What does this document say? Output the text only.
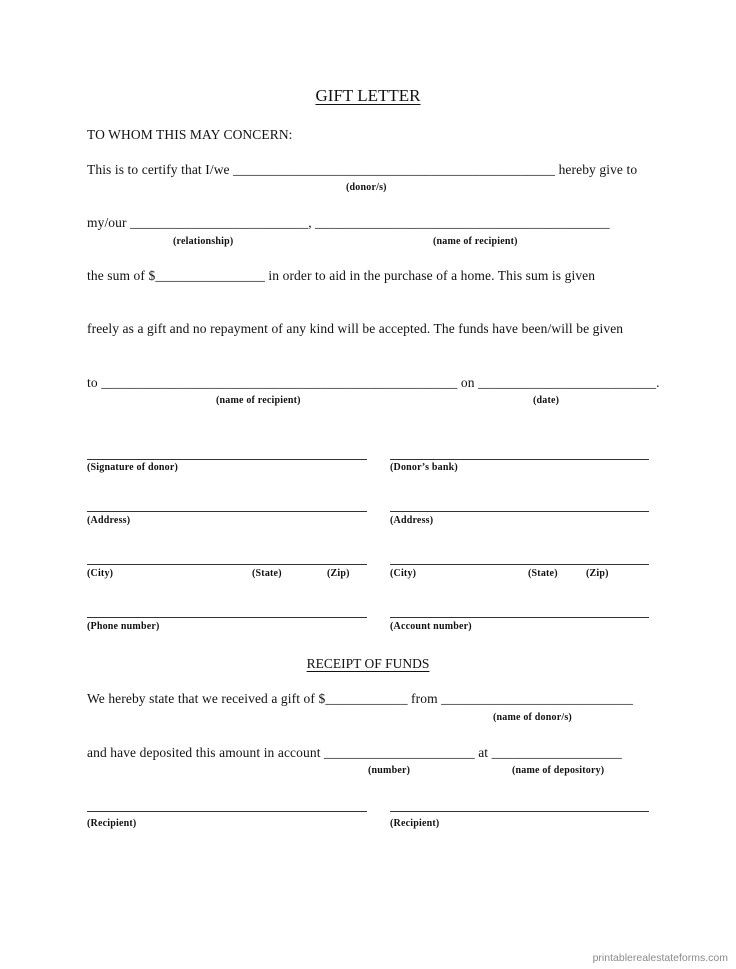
GIFT LETTER
TO WHOM THIS MAY CONCERN:
This is to certify that I/we _______________________________________________ hereby give to
(donor/s)
my/our __________________________, ___________________________________________
(relationship)	(name of recipient)
the sum of $________________ in order to aid in the purchase of a home. This sum is given
freely as a gift and no repayment of any kind will be accepted. The funds have been/will be given
to ____________________________________________________ on __________________________.
(name of recipient)	(date)
(Signature of donor)	(Donor’s bank)
(Address)	(Address)
(City)	(State)	(Zip)	(City)	(State)	(Zip)
(Phone number)	(Account number)
RECEIPT OF FUNDS
We hereby state that we received a gift of $____________ from ____________________________
(name of donor/s)
and have deposited this amount in account ______________________ at ___________________
(number)	(name of depository)
(Recipient)	(Recipient)
printablerealestateforms.com
